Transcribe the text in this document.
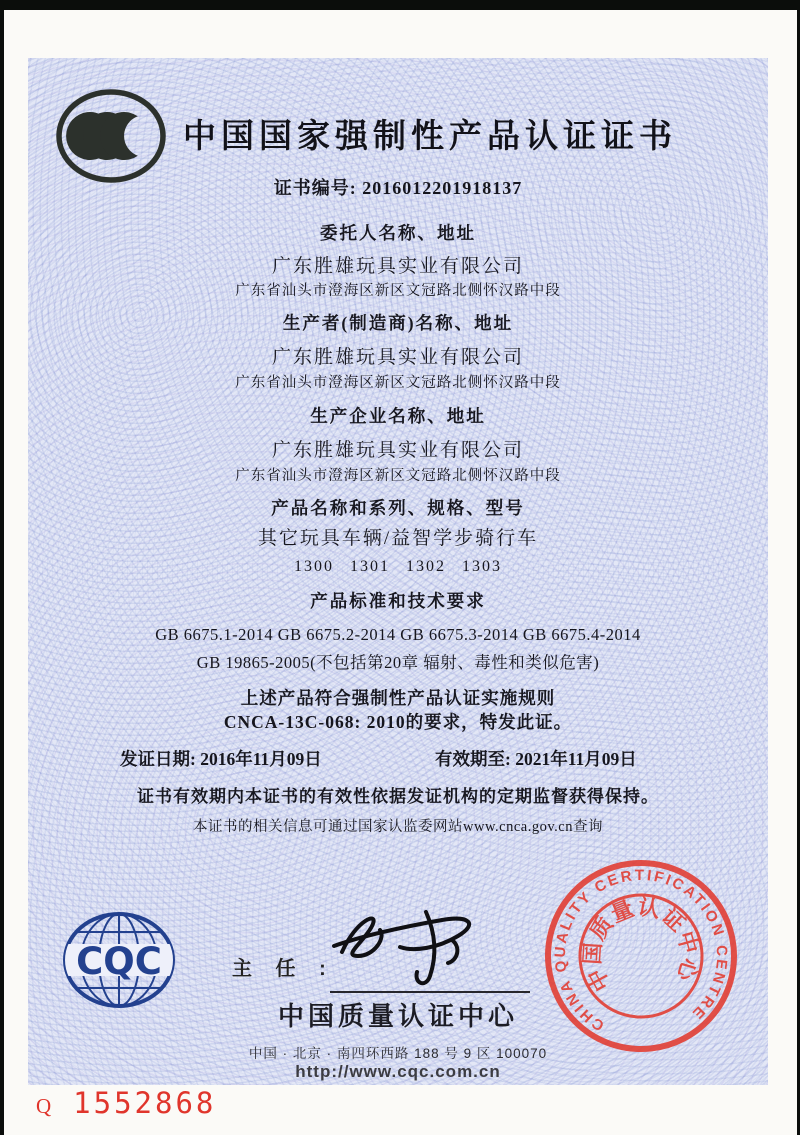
中国国家强制性产品认证证书
证书编号: 2016012201918137
委托人名称、地址
广东胜雄玩具实业有限公司
广东省汕头市澄海区新区文冠路北侧怀汉路中段
生产者(制造商)名称、地址
广东胜雄玩具实业有限公司
广东省汕头市澄海区新区文冠路北侧怀汉路中段
生产企业名称、地址
广东胜雄玩具实业有限公司
广东省汕头市澄海区新区文冠路北侧怀汉路中段
产品名称和系列、规格、型号
其它玩具车辆/益智学步骑行车
1300 1301 1302 1303
产品标准和技术要求
GB 6675.1-2014 GB 6675.2-2014 GB 6675.3-2014 GB 6675.4-2014
GB 19865-2005(不包括第20章 辐射、毒性和类似危害)
上述产品符合强制性产品认证实施规则
CNCA-13C-068: 2010的要求，特发此证。
发证日期: 2016年11月09日	有效期至: 2021年11月09日
证书有效期内本证书的有效性依据发证机构的定期监督获得保持。
本证书的相关信息可通过国家认监委网站www.cnca.gov.cn查询
CQC	主 任 :
中国质量认证中心
中国 · 北京 · 南四环西路 188 号 9 区 100070
http://www.cqc.com.cn
CHINA QUALITY CERTIFICATION CENTRE
中国质量认证中心
Q 1552868
